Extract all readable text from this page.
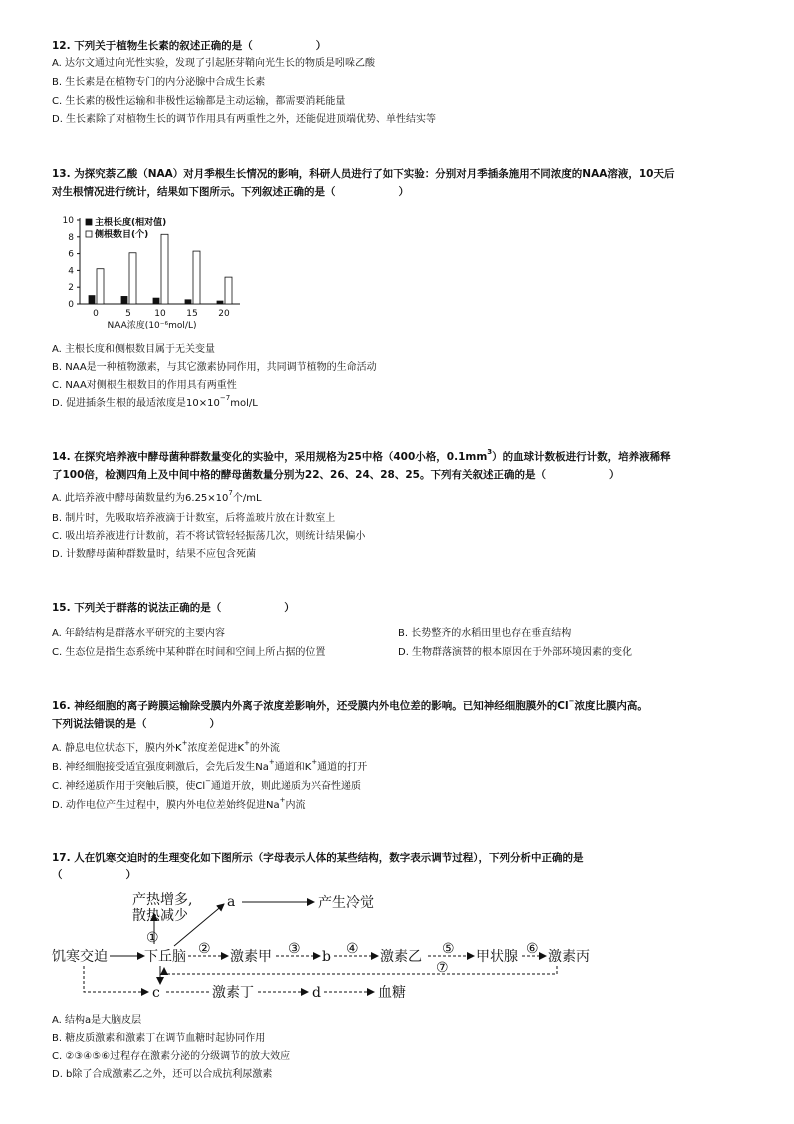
12. 下列关于植物生长素的叙述正确的是（　　　　　　）
A. 达尔文通过向光性实验，发现了引起胚芽鞘向光生长的物质是吲哚乙酸
B. 生长素是在植物专门的内分泌腺中合成生长素
C. 生长素的极性运输和非极性运输都是主动运输，都需要消耗能量
D. 生长素除了对植物生长的调节作用具有两重性之外，还能促进顶端优势、单性结实等
13. 为探究萘乙酸（NAA）对月季根生长情况的影响，科研人员进行了如下实验：分别对月季插条施用不同浓度的NAA溶液，10天后
对生根情况进行统计，结果如下图所示。下列叙述正确的是（　　　　　　）
0
2
4
6
8
10
0	5	10 15 20
NAA浓度(10⁻⁶mol/L)
主根长度(相对值)
侧根数目(个)
A. 主根长度和侧根数目属于无关变量
B. NAA是一种植物激素，与其它激素协同作用，共同调节植物的生命活动
C. NAA对侧根生根数目的作用具有两重性
D. 促进插条生根的最适浓度是$10\times 10^{-7}mol/L$
14. 在探究培养液中酵母菌种群数量变化的实验中，采用规格为25中格（400小格，$0.1mm^3$）的血球计数板进行计数，培养液稀释
了100倍，检测四角上及中间中格的酵母菌数量分别为22、26、24、28、25。下列有关叙述正确的是（　　　　　　）
A. 此培养液中酵母菌数量约为$6.25\times 10^7$个/mL
B. 制片时，先吸取培养液滴于计数室，后将盖玻片放在计数室上
C. 吸出培养液进行计数前，若不将试管轻轻振荡几次，则统计结果偏小
D. 计数酵母菌种群数量时，结果不应包含死菌
15. 下列关于群落的说法正确的是（　　　　　　）
A. 年龄结构是群落水平研究的主要内容	B. 长势整齐的水稻田里也存在垂直结构
C. 生态位是指生态系统中某种群在时间和空间上所占据的位置	D. 生物群落演替的根本原因在于外部环境因素的变化
16. 神经细胞的离子跨膜运输除受膜内外离子浓度差影响外，还受膜内外电位差的影响。已知神经细胞膜外的Cl−浓度比膜内高。
下列说法错误的是（　　　　　　）
A. 静息电位状态下，膜内外K+浓度差促进K+的外流
B. 神经细胞接受适宜强度刺激后，会先后发生Na+通道和K+通道的打开
C. 神经递质作用于突触后膜，使Cl−通道开放，则此递质为兴奋性递质
D. 动作电位产生过程中，膜内外电位差始终促进Na+内流
17. 人在饥寒交迫时的生理变化如下图所示（字母表示人体的某些结构，数字表示调节过程），下列分析中正确的是
（　　　　　　）
产热增多,
散热减少
a	产生冷觉
饥寒交迫	下丘脑	激素甲	b	激素乙	甲状腺 激素丙
c	激素丁	d	血糖
①
②	③	④	⑤	⑥
⑦
A. 结构a是大脑皮层
B. 糖皮质激素和激素丁在调节血糖时起协同作用
C. ②③④⑤⑥过程存在激素分泌的分级调节的放大效应
D. b除了合成激素乙之外，还可以合成抗利尿激素
